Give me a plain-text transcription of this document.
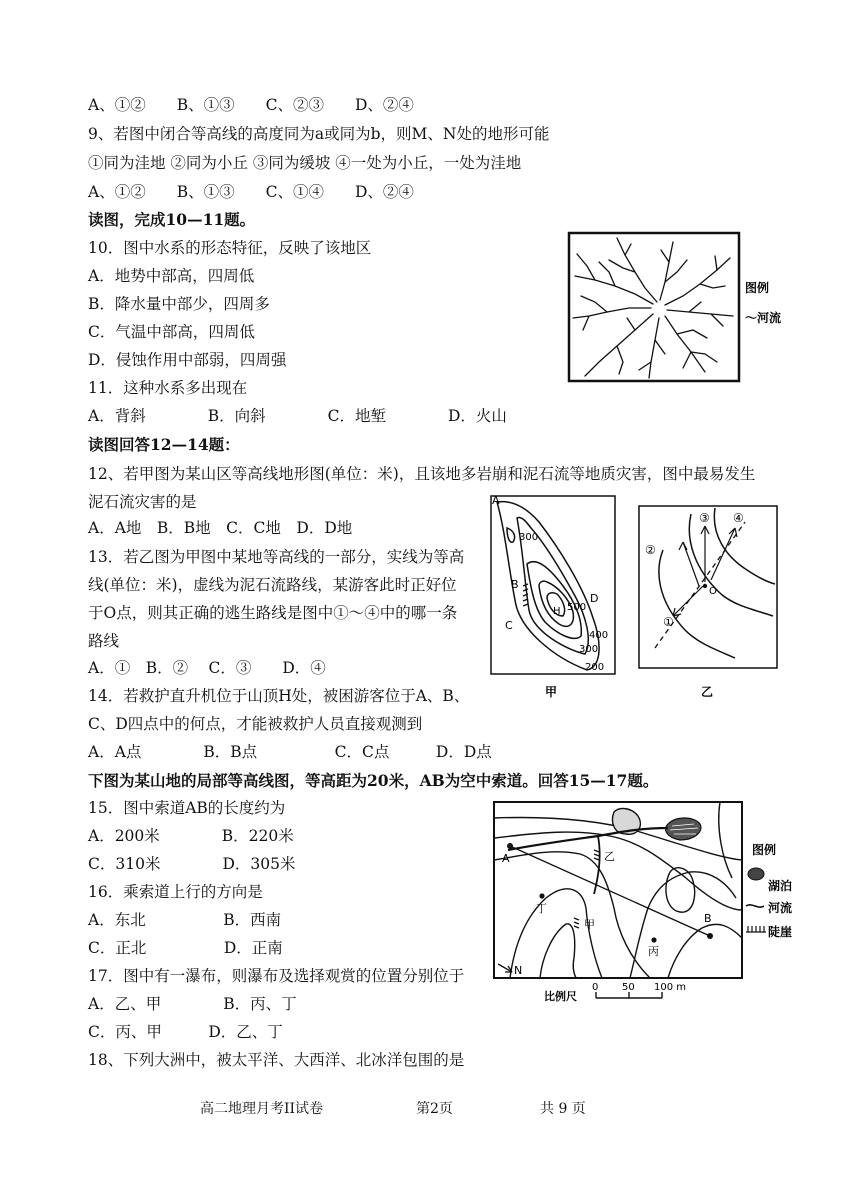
A、①②　　B、①③　　C、②③　　D、②④
9、若图中闭合等高线的高度同为a或同为b，则M、N处的地形可能
①同为洼地 ②同为小丘 ③同为缓坡 ④一处为小丘，一处为洼地
A、①②　　B、①③　　C、①④　　D、②④
读图，完成10—11题。
10．图中水系的形态特征，反映了该地区
A．地势中部高，四周低
B．降水量中部少，四周多
C．气温中部高，四周低
D．侵蚀作用中部弱，四周强
11．这种水系多出现在
A．背斜　　　　B．向斜　　　　C．地堑　　　　D．火山
读图回答12—14题：
12、若甲图为某山区等高线地形图(单位：米)，且该地多岩崩和泥石流等地质灾害，图中最易发生
泥石流灾害的是
A．A地　B．B地　C．C地　D．D地
13．若乙图为甲图中某地等高线的一部分，实线为等高
线(单位：米)，虚线为泥石流路线，某游客此时正好位
于O点，则其正确的逃生路线是图中①～④中的哪一条
路线
A．①　B．②　 C．③　　D．④
14．若救护直升机位于山顶H处，被困游客位于A、B、
C、D四点中的何点，才能被救护人员直接观测到
A．A点　　　　B．B点　　　　　C．C点　　　D．D点
下图为某山地的局部等高线图，等高距为20米，AB为空中索道。回答15—17题。
15．图中索道AB的长度约为
A．200米　　　　B．220米
C．310米　　　　D．305米
16．乘索道上行的方向是
A．东北　　　　　B．西南
C．正北　　　　　D．正南
17．图中有一瀑布，则瀑布及选择观赏的位置分别位于
A．乙、甲　　　　B．丙、丁
C．丙、甲　　　D．乙、丁
18、下列大洲中，被太平洋、大西洋、北冰洋包围的是
图例
～河流
A
B
C
D
H
300
500
400
300
200
甲
O
①
②
③ ④
乙
A
B
乙
丁
甲
丙
N
图例
湖泊
河流
陡崖
比例尺
0 50 100 m
高二地理月考II试卷	第2页	共 9 页
